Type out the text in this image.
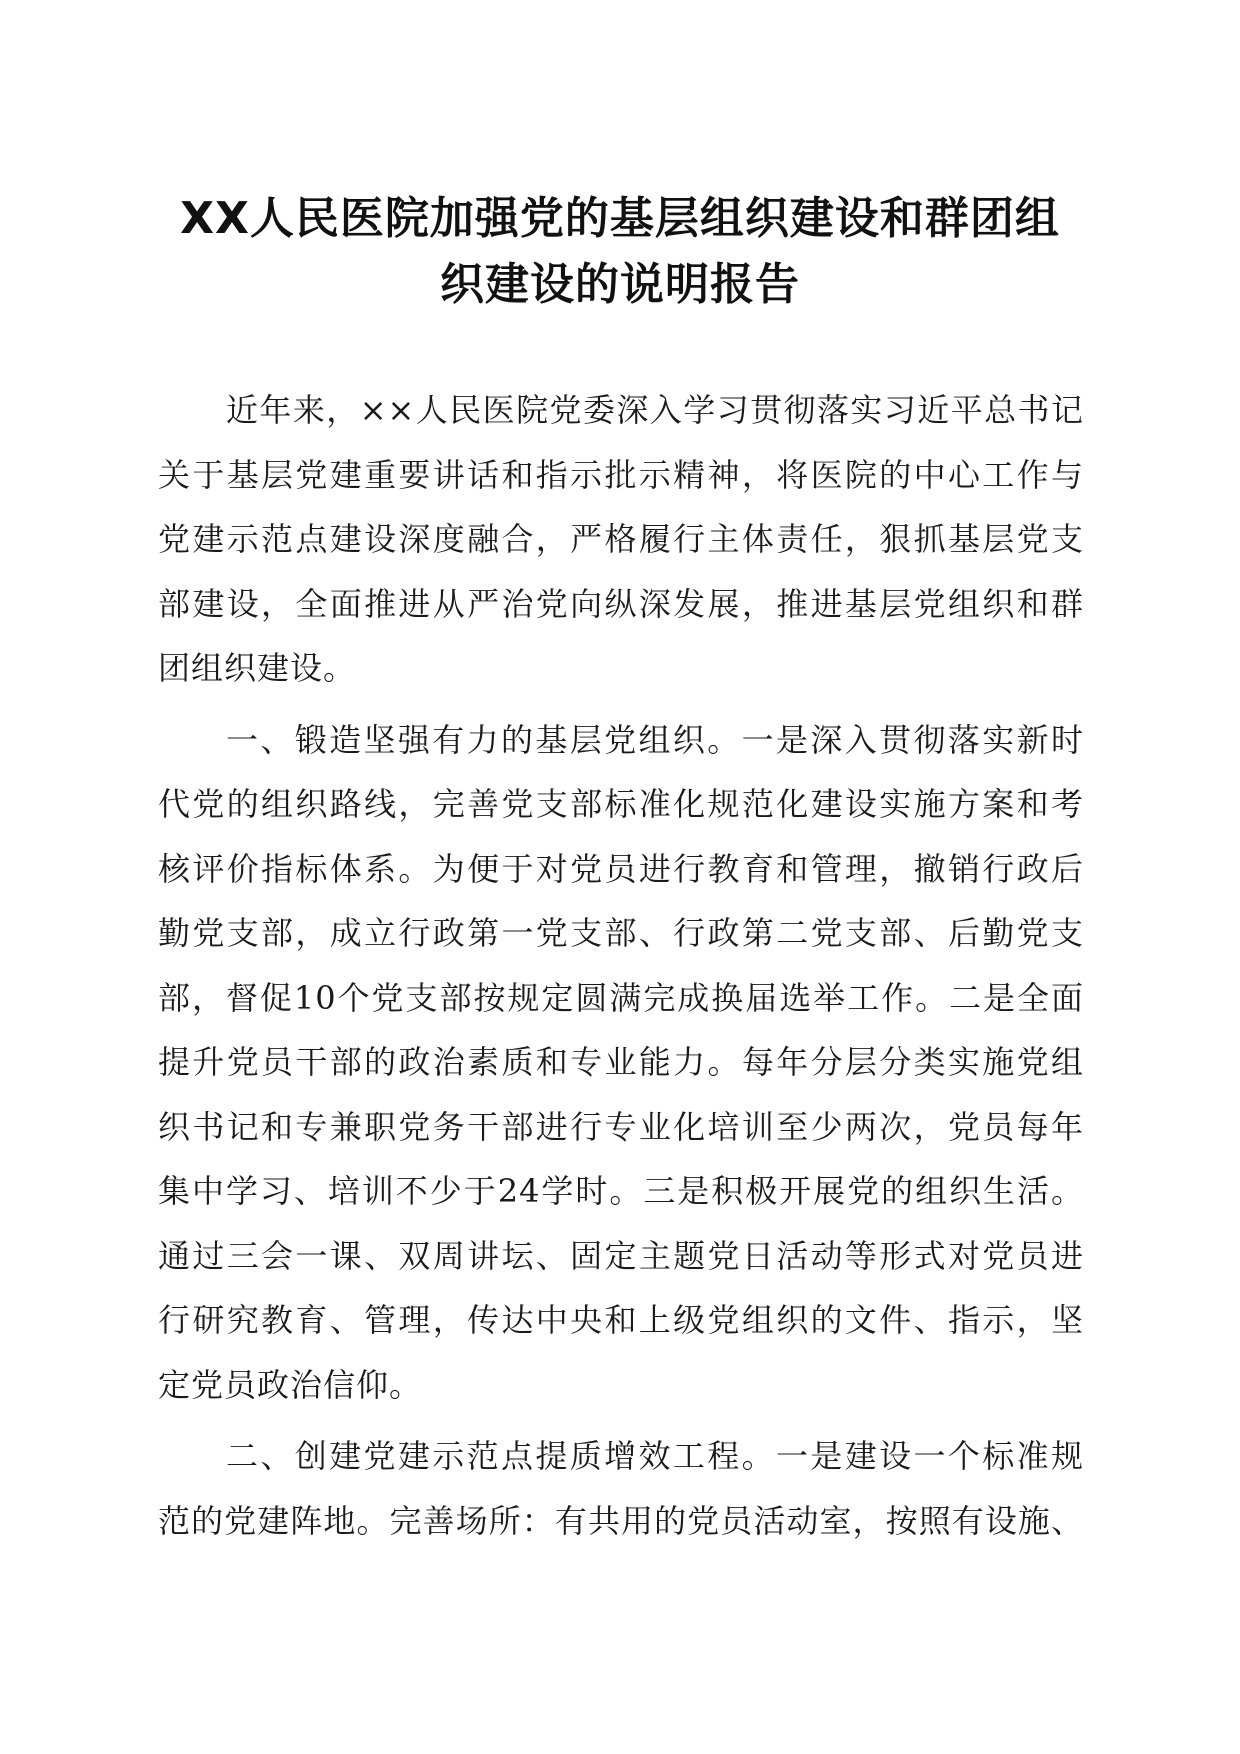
XX人民医院加强党的基层组织建设和群团组
织建设的说明报告

近年来，××人民医院党委深入学习贯彻落实习近平总书记
关于基层党建重要讲话和指示批示精神，将医院的中心工作与
党建示范点建设深度融合，严格履行主体责任，狠抓基层党支
部建设，全面推进从严治党向纵深发展，推进基层党组织和群
团组织建设。

一、锻造坚强有力的基层党组织。一是深入贯彻落实新时
代党的组织路线，完善党支部标准化规范化建设实施方案和考
核评价指标体系。为便于对党员进行教育和管理，撤销行政后
勤党支部，成立行政第一党支部、行政第二党支部、后勤党支
部，督促10个党支部按规定圆满完成换届选举工作。二是全面
提升党员干部的政治素质和专业能力。每年分层分类实施党组
织书记和专兼职党务干部进行专业化培训至少两次，党员每年
集中学习、培训不少于24学时。三是积极开展党的组织生活。
通过三会一课、双周讲坛、固定主题党日活动等形式对党员进
行研究教育、管理，传达中央和上级党组织的文件、指示，坚
定党员政治信仰。

二、创建党建示范点提质增效工程。一是建设一个标准规
范的党建阵地。完善场所：有共用的党员活动室，按照有设施、
